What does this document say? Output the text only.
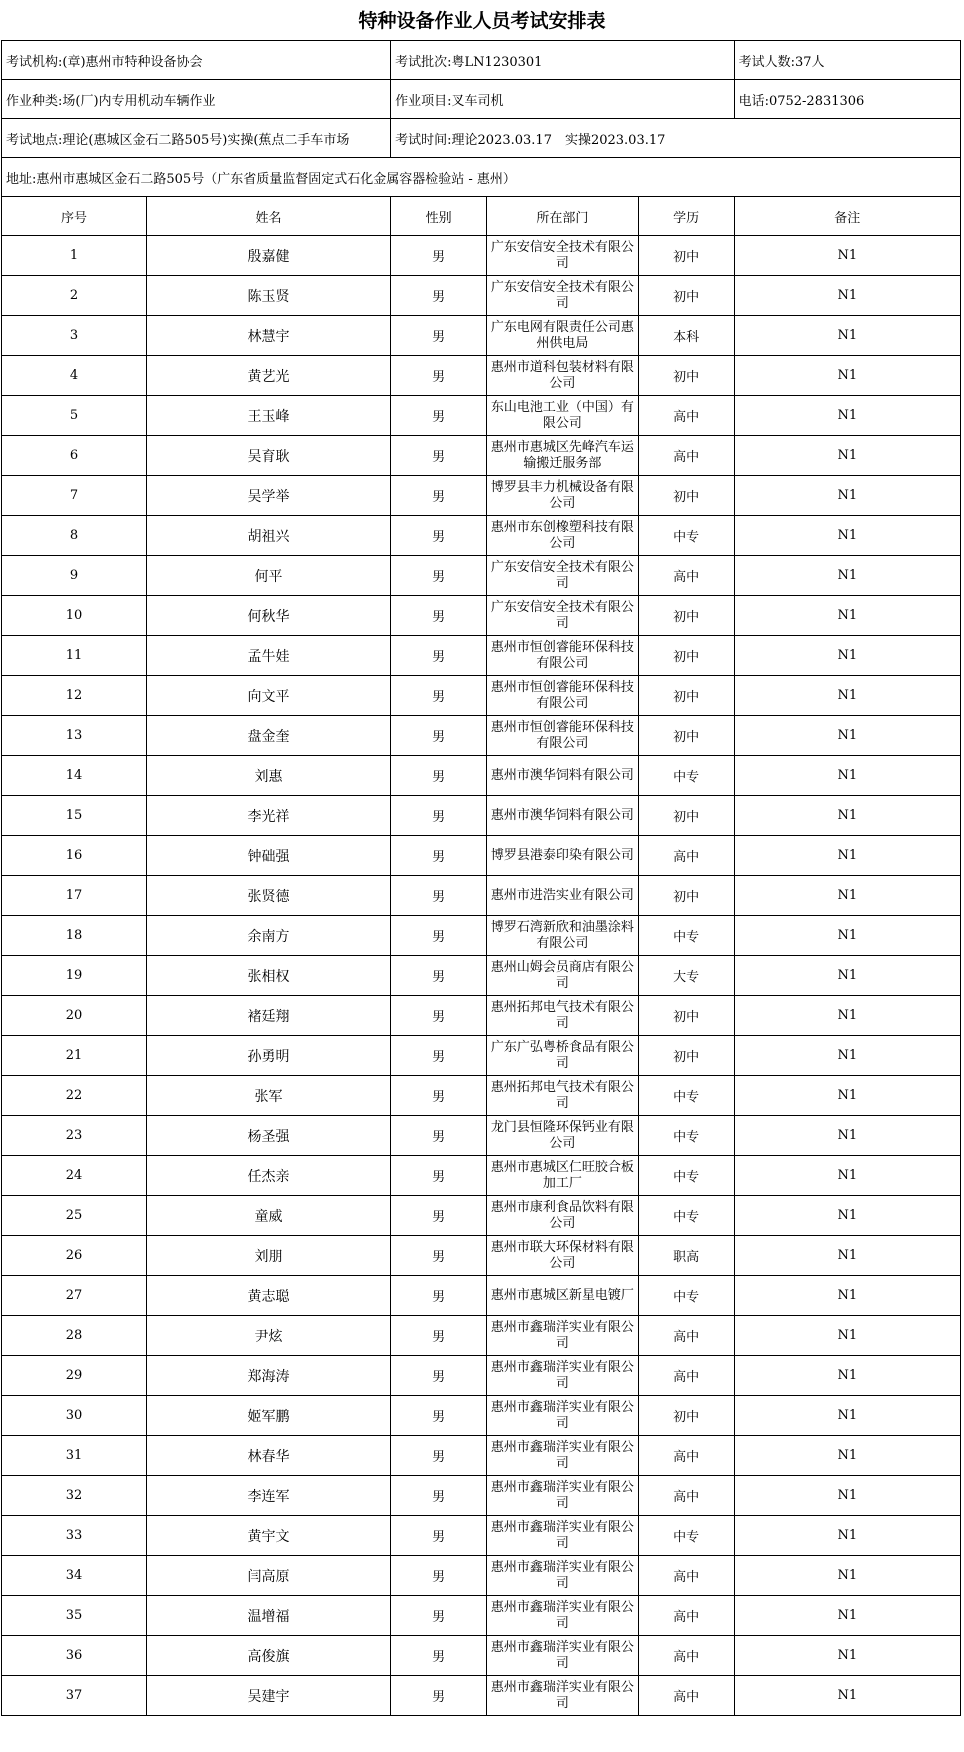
特种设备作业人员考试安排表
考试机构:(章)惠州市特种设备协会		考试批次:粤LN1230301			考试人数:37人
作业种类:场(厂)内专用机动车辆作业		作业项目:叉车司机			电话:0752-2831306
考试地点:理论(惠城区金石二路505号)实操(蕉点二手车市场		考试时间:理论2023.03.17　实操2023.03.17			
地址:惠州市惠城区金石二路505号（广东省质量监督固定式石化金属容器检验站 - 惠州）					
序号	姓名	性别	所在部门	学历	备注
1	殷嘉健	男	广东安信安全技术有限公司	初中	N1
2	陈玉贤	男	广东安信安全技术有限公司	初中	N1
3	林慧宇	男	广东电网有限责任公司惠州供电局	本科	N1
4	黄艺光	男	惠州市道科包装材料有限公司	初中	N1
5	王玉峰	男	东山电池工业（中国）有限公司	高中	N1
6	吴育耿	男	惠州市惠城区先峰汽车运输搬迁服务部	高中	N1
7	吴学举	男	博罗县丰力机械设备有限公司	初中	N1
8	胡祖兴	男	惠州市东创橡塑科技有限公司	中专	N1
9	何平	男	广东安信安全技术有限公司	高中	N1
10	何秋华	男	广东安信安全技术有限公司	初中	N1
11	孟牛娃	男	惠州市恒创睿能环保科技有限公司	初中	N1
12	向文平	男	惠州市恒创睿能环保科技有限公司	初中	N1
13	盘金奎	男	惠州市恒创睿能环保科技有限公司	初中	N1
14	刘惠	男	惠州市澳华饲料有限公司	中专	N1
15	李光祥	男	惠州市澳华饲料有限公司	初中	N1
16	钟础强	男	博罗县港泰印染有限公司	高中	N1
17	张贤德	男	惠州市进浩实业有限公司	初中	N1
18	余南方	男	博罗石湾新欣和油墨涂料有限公司	中专	N1
19	张相权	男	惠州山姆会员商店有限公司	大专	N1
20	褚廷翔	男	惠州拓邦电气技术有限公司	初中	N1
21	孙勇明	男	广东广弘粤桥食品有限公司	初中	N1
22	张军	男	惠州拓邦电气技术有限公司	中专	N1
23	杨圣强	男	龙门县恒隆环保钙业有限公司	中专	N1
24	任杰亲	男	惠州市惠城区仁旺胶合板加工厂	中专	N1
25	童威	男	惠州市康利食品饮料有限公司	中专	N1
26	刘朋	男	惠州市联大环保材料有限公司	职高	N1
27	黄志聪	男	惠州市惠城区新星电镀厂	中专	N1
28	尹炫	男	惠州市鑫瑞洋实业有限公司	高中	N1
29	郑海涛	男	惠州市鑫瑞洋实业有限公司	高中	N1
30	姬军鹏	男	惠州市鑫瑞洋实业有限公司	初中	N1
31	林春华	男	惠州市鑫瑞洋实业有限公司	高中	N1
32	李连军	男	惠州市鑫瑞洋实业有限公司	高中	N1
33	黄宇文	男	惠州市鑫瑞洋实业有限公司	中专	N1
34	闫高原	男	惠州市鑫瑞洋实业有限公司	高中	N1
35	温增福	男	惠州市鑫瑞洋实业有限公司	高中	N1
36	高俊旗	男	惠州市鑫瑞洋实业有限公司	高中	N1
37	吴建宇	男	惠州市鑫瑞洋实业有限公司	高中	N1
